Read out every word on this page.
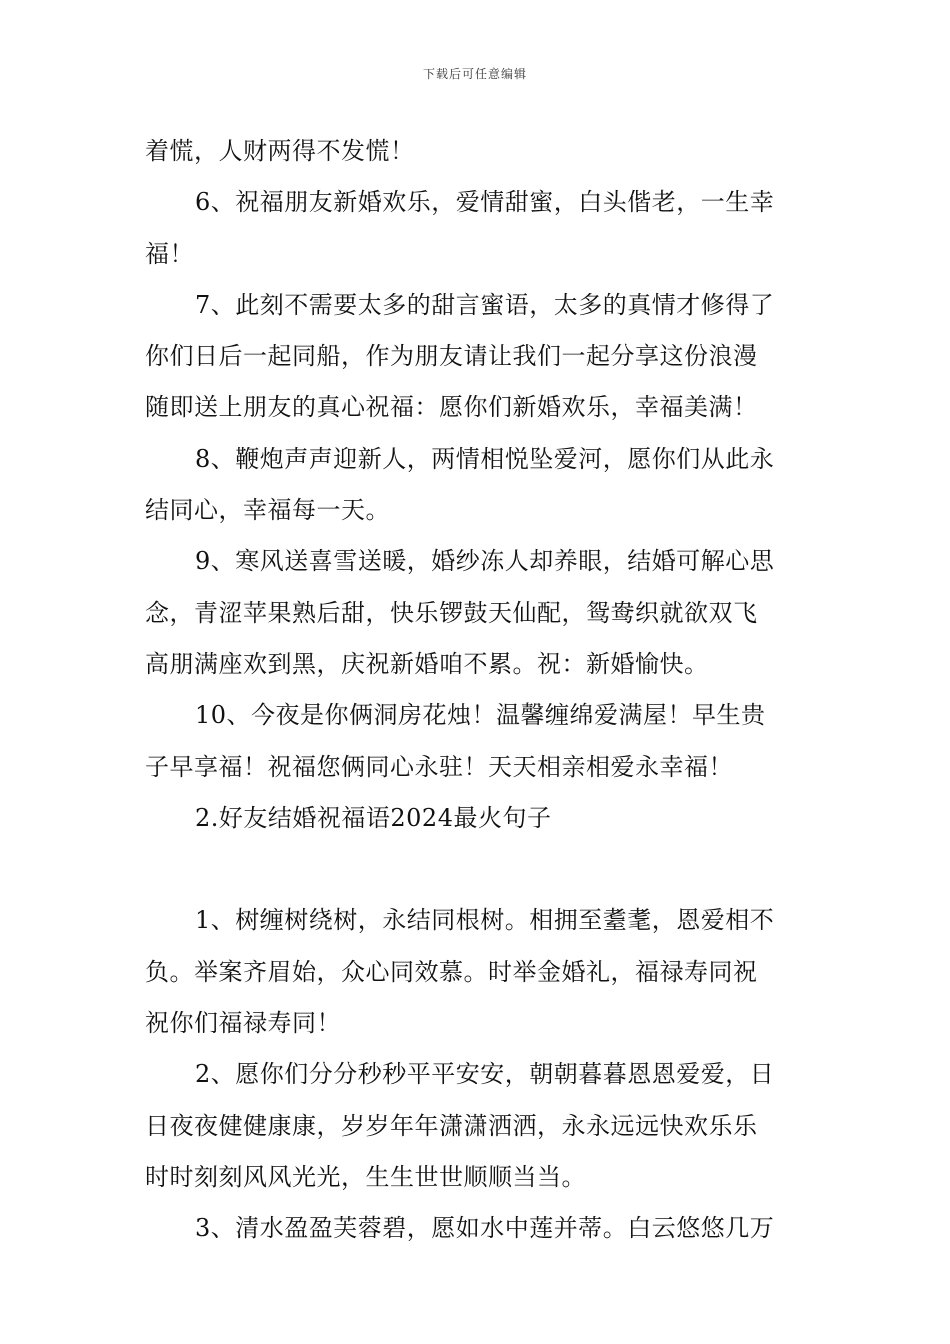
下载后可任意编辑
着慌，人财两得不发慌！
6、祝福朋友新婚欢乐，爱情甜蜜，白头偕老，一生幸
福！
7、此刻不需要太多的甜言蜜语，太多的真情才修得了
你们日后一起同船，作为朋友请让我们一起分享这份浪漫
随即送上朋友的真心祝福：愿你们新婚欢乐，幸福美满！
8、鞭炮声声迎新人，两情相悦坠爱河，愿你们从此永
结同心，幸福每一天。
9、寒风送喜雪送暖，婚纱冻人却养眼，结婚可解心思
念，青涩苹果熟后甜，快乐锣鼓天仙配，鸳鸯织就欲双飞
高朋满座欢到黑，庆祝新婚咱不累。祝：新婚愉快。
10、今夜是你俩洞房花烛！温馨缠绵爱满屋！早生贵
子早享福！祝福您俩同心永驻！天天相亲相爱永幸福！
2.好友结婚祝福语2024最火句子
1、树缠树绕树，永结同根树。相拥至耋耄，恩爱相不
负。举案齐眉始，众心同效慕。时举金婚礼，福禄寿同祝
祝你们福禄寿同！
2、愿你们分分秒秒平平安安，朝朝暮暮恩恩爱爱，日
日夜夜健健康康，岁岁年年潇潇洒洒，永永远远快欢乐乐
时时刻刻风风光光，生生世世顺顺当当。
3、清水盈盈芙蓉碧，愿如水中莲并蒂。白云悠悠几万
